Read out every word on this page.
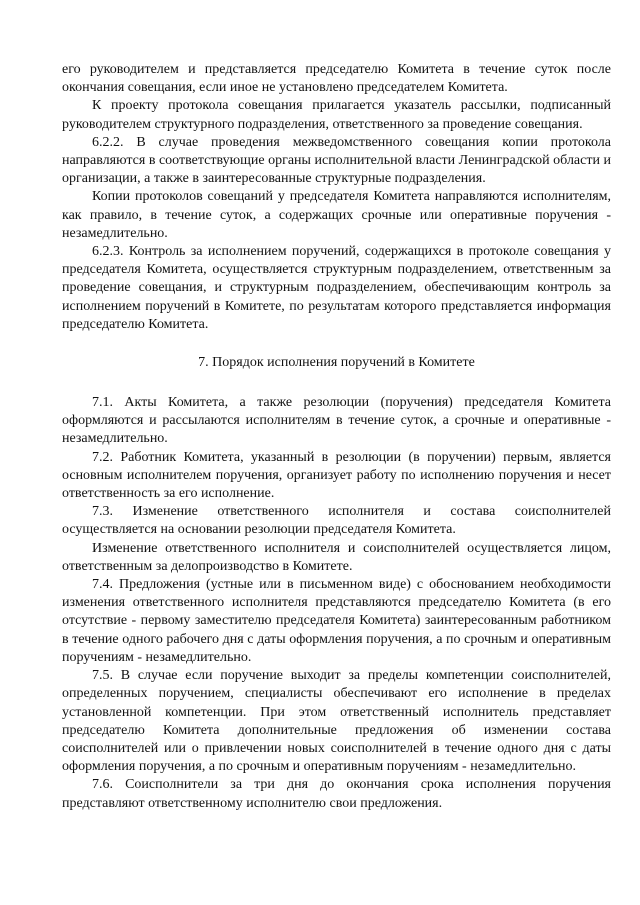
его руководителем и представляется председателю Комитета в течение суток после окончания совещания, если иное не установлено председателем Комитета.

К проекту протокола совещания прилагается указатель рассылки, подписанный руководителем структурного подразделения, ответственного за проведение совещания.

6.2.2. В случае проведения межведомственного совещания копии протокола направляются в соответствующие органы исполнительной власти Ленинградской области и организации, а также в заинтересованные структурные подразделения.

Копии протоколов совещаний у председателя Комитета направляются исполнителям, как правило, в течение суток, а содержащих срочные или оперативные поручения - незамедлительно.

6.2.3. Контроль за исполнением поручений, содержащихся в протоколе совещания у председателя Комитета, осуществляется структурным подразделением, ответственным за проведение совещания, и структурным подразделением, обеспечивающим контроль за исполнением поручений в Комитете, по результатам которого представляется информация председателю Комитета.

7. Порядок исполнения поручений в Комитете

7.1. Акты Комитета, а также резолюции (поручения) председателя Комитета оформляются и рассылаются исполнителям в течение суток, а срочные и оперативные - незамедлительно.

7.2. Работник Комитета, указанный в резолюции (в поручении) первым, является основным исполнителем поручения, организует работу по исполнению поручения и несет ответственность за его исполнение.

7.3. Изменение ответственного исполнителя и состава соисполнителей осуществляется на основании резолюции председателя Комитета.

Изменение ответственного исполнителя и соисполнителей осуществляется лицом, ответственным за делопроизводство в Комитете.

7.4. Предложения (устные или в письменном виде) с обоснованием необходимости изменения ответственного исполнителя представляются председателю Комитета (в его отсутствие - первому заместителю председателя Комитета) заинтересованным работником в течение одного рабочего дня с даты оформления поручения, а по срочным и оперативным поручениям - незамедлительно.

7.5. В случае если поручение выходит за пределы компетенции соисполнителей, определенных поручением, специалисты обеспечивают его исполнение в пределах установленной компетенции. При этом ответственный исполнитель представляет председателю Комитета дополнительные предложения об изменении состава соисполнителей или о привлечении новых соисполнителей в течение одного дня с даты оформления поручения, а по срочным и оперативным поручениям - незамедлительно.

7.6. Соисполнители за три дня до окончания срока исполнения поручения представляют ответственному исполнителю свои предложения.
